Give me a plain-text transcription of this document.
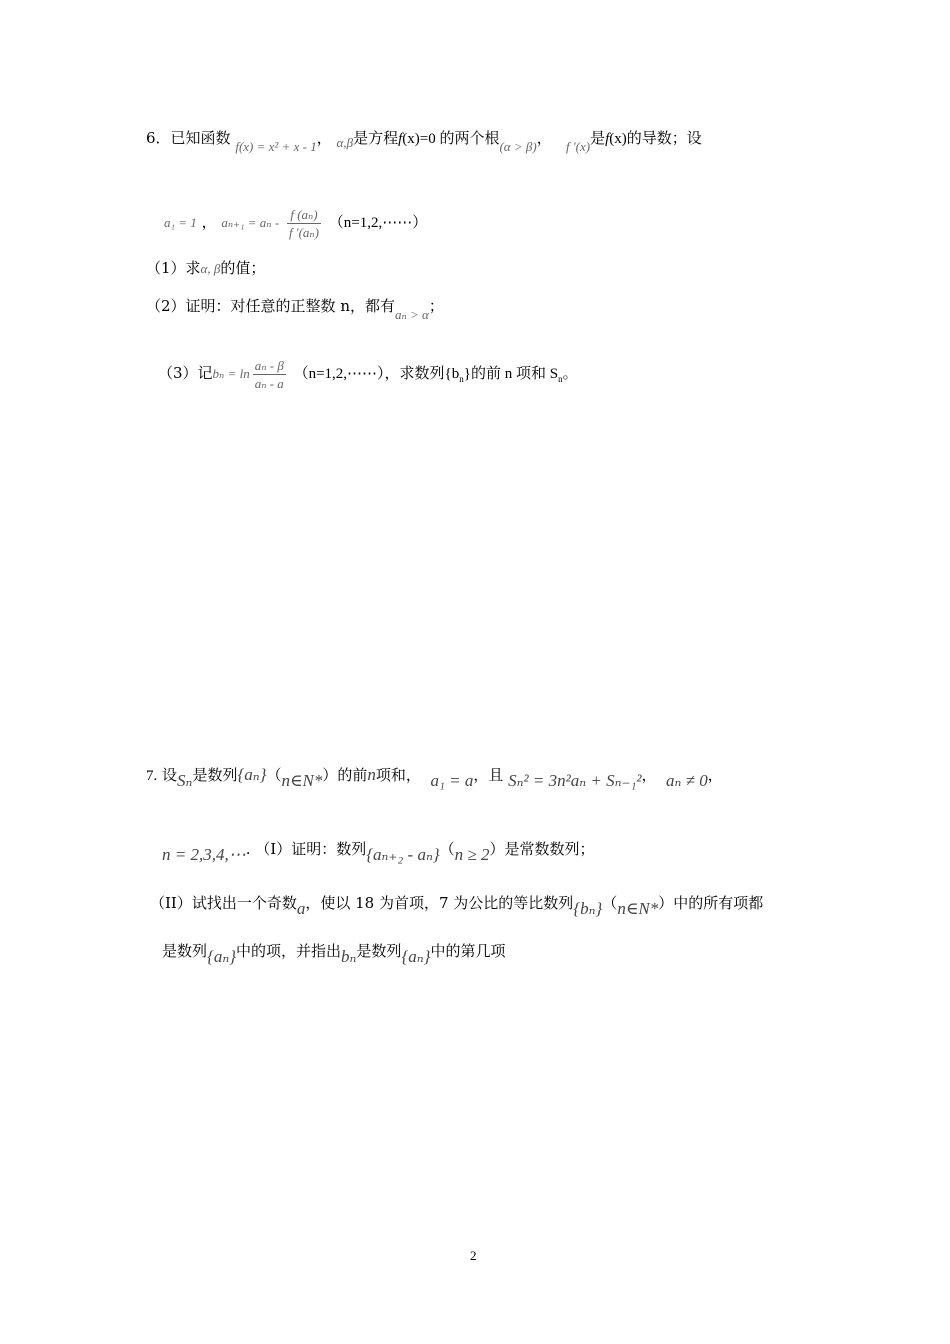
6．已知函数 f(x) = x² + x - 1， α,β是方程f(x)=0 的两个根(α > β)， f '(x)是f(x)的导数；设
a₁ = 1 ， $a_{n+1} = a_n - \frac{\text{f (aₙ)}}{\text{f '(aₙ)}}$ （n=1,2,⋯⋯）
（1）求α, β的值；
（2）证明：对任意的正整数 n，都有aₙ > α；
（3）记$b_n = \ln \frac{\text{aₙ - β}}{\text{aₙ - a}}$ （n=1,2,⋯⋯），求数列$\{b_n\}$的前 n 项和 $S_n$。
7. 设Sₙ是数列{aₙ}（n∈N*）的前n项和， a₁ = a，且 Sₙ² = 3n²aₙ + Sₙ₋₁²， aₙ ≠ 0，
n = 2,3,4,⋯. （I）证明：数列{aₙ₊₂ - aₙ}（n ≥ 2）是常数数列；
（II）试找出一个奇数a，使以 18 为首项，7 为公比的等比数列{bₙ}（n∈N*）中的所有项都
是数列{aₙ}中的项，并指出bₙ是数列{aₙ}中的第几项
2
